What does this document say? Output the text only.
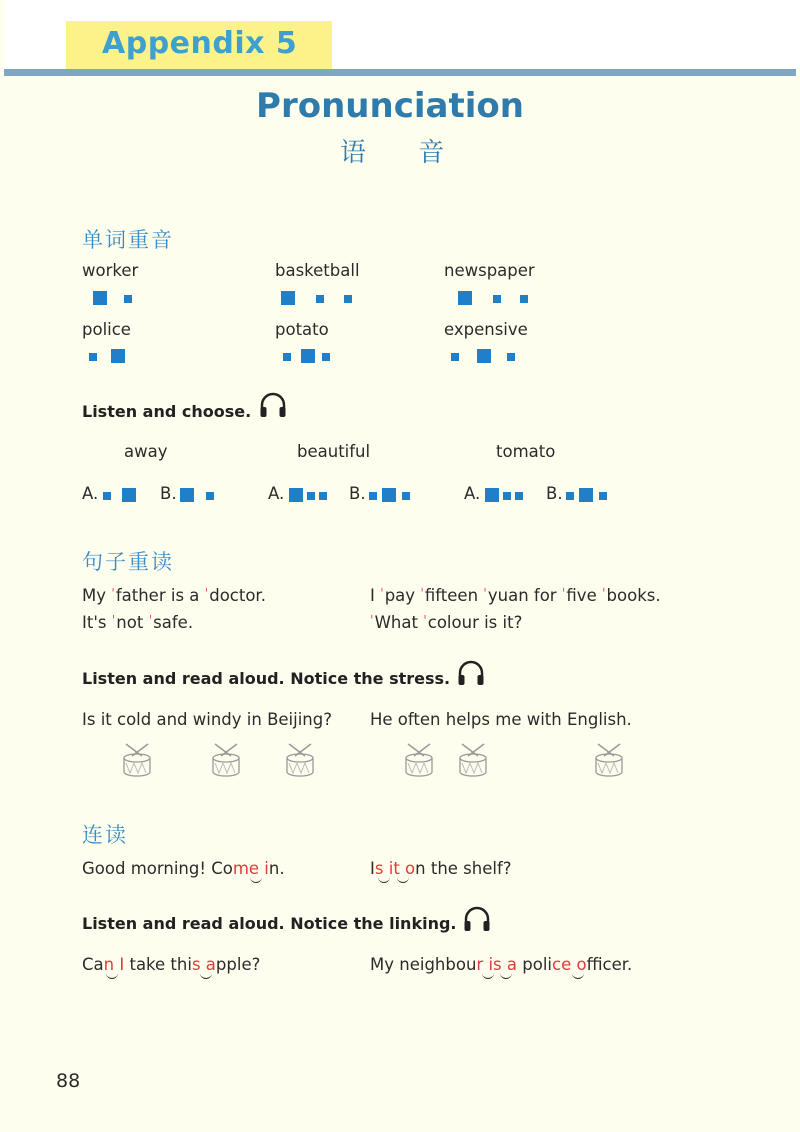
Appendix 5
Pronunciation
语 音
单词重音
worker	basketball	newspaper
police	potato	expensive
Listen and choose.
away	beautiful	tomato
A.	B.	A.	B.	A.	B.
句子重读
My ˈfather is a ˈdoctor.
It's ˈnot ˈsafe.
I ˈpay ˈfifteen ˈyuan for ˈfive ˈbooks.
ˈWhat ˈcolour is it?
Listen and read aloud. Notice the stress.
Is it cold and windy in Beijing? He often helps me with English.
连读
Good morning! Come in.	Is it on the shelf?
Listen and read aloud. Notice the linking.
Can I take this apple?	My neighbour is a police officer.
88
